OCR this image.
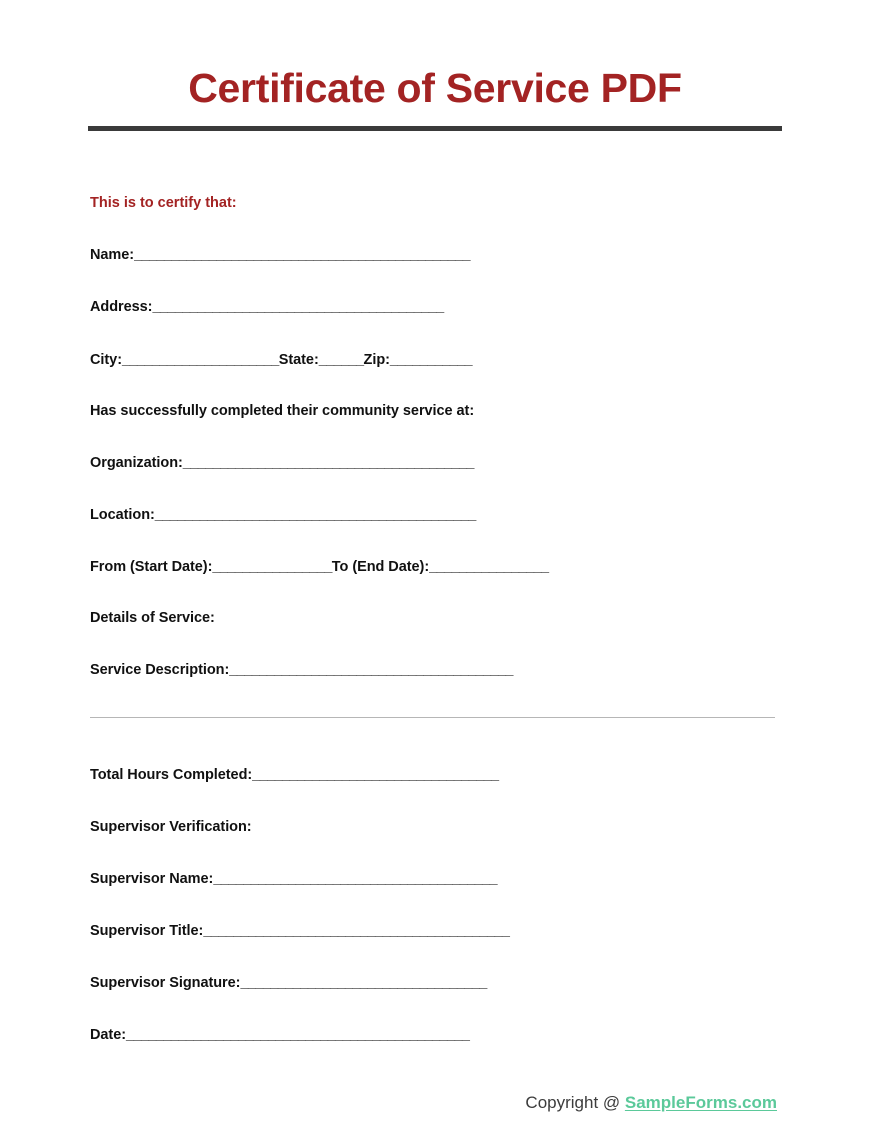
Certificate of Service PDF

This is to certify that:

Name:_____________________________________________

Address:_______________________________________

City:_____________________State:______Zip:___________

Has successfully completed their community service at:

Organization:_______________________________________

Location:___________________________________________

From (Start Date):________________To (End Date):________________

Details of Service:

Service Description:______________________________________

Total Hours Completed:_________________________________

Supervisor Verification:

Supervisor Name:______________________________________

Supervisor Title:_________________________________________

Supervisor Signature:_________________________________

Date:______________________________________________

Copyright @ SampleForms.com
